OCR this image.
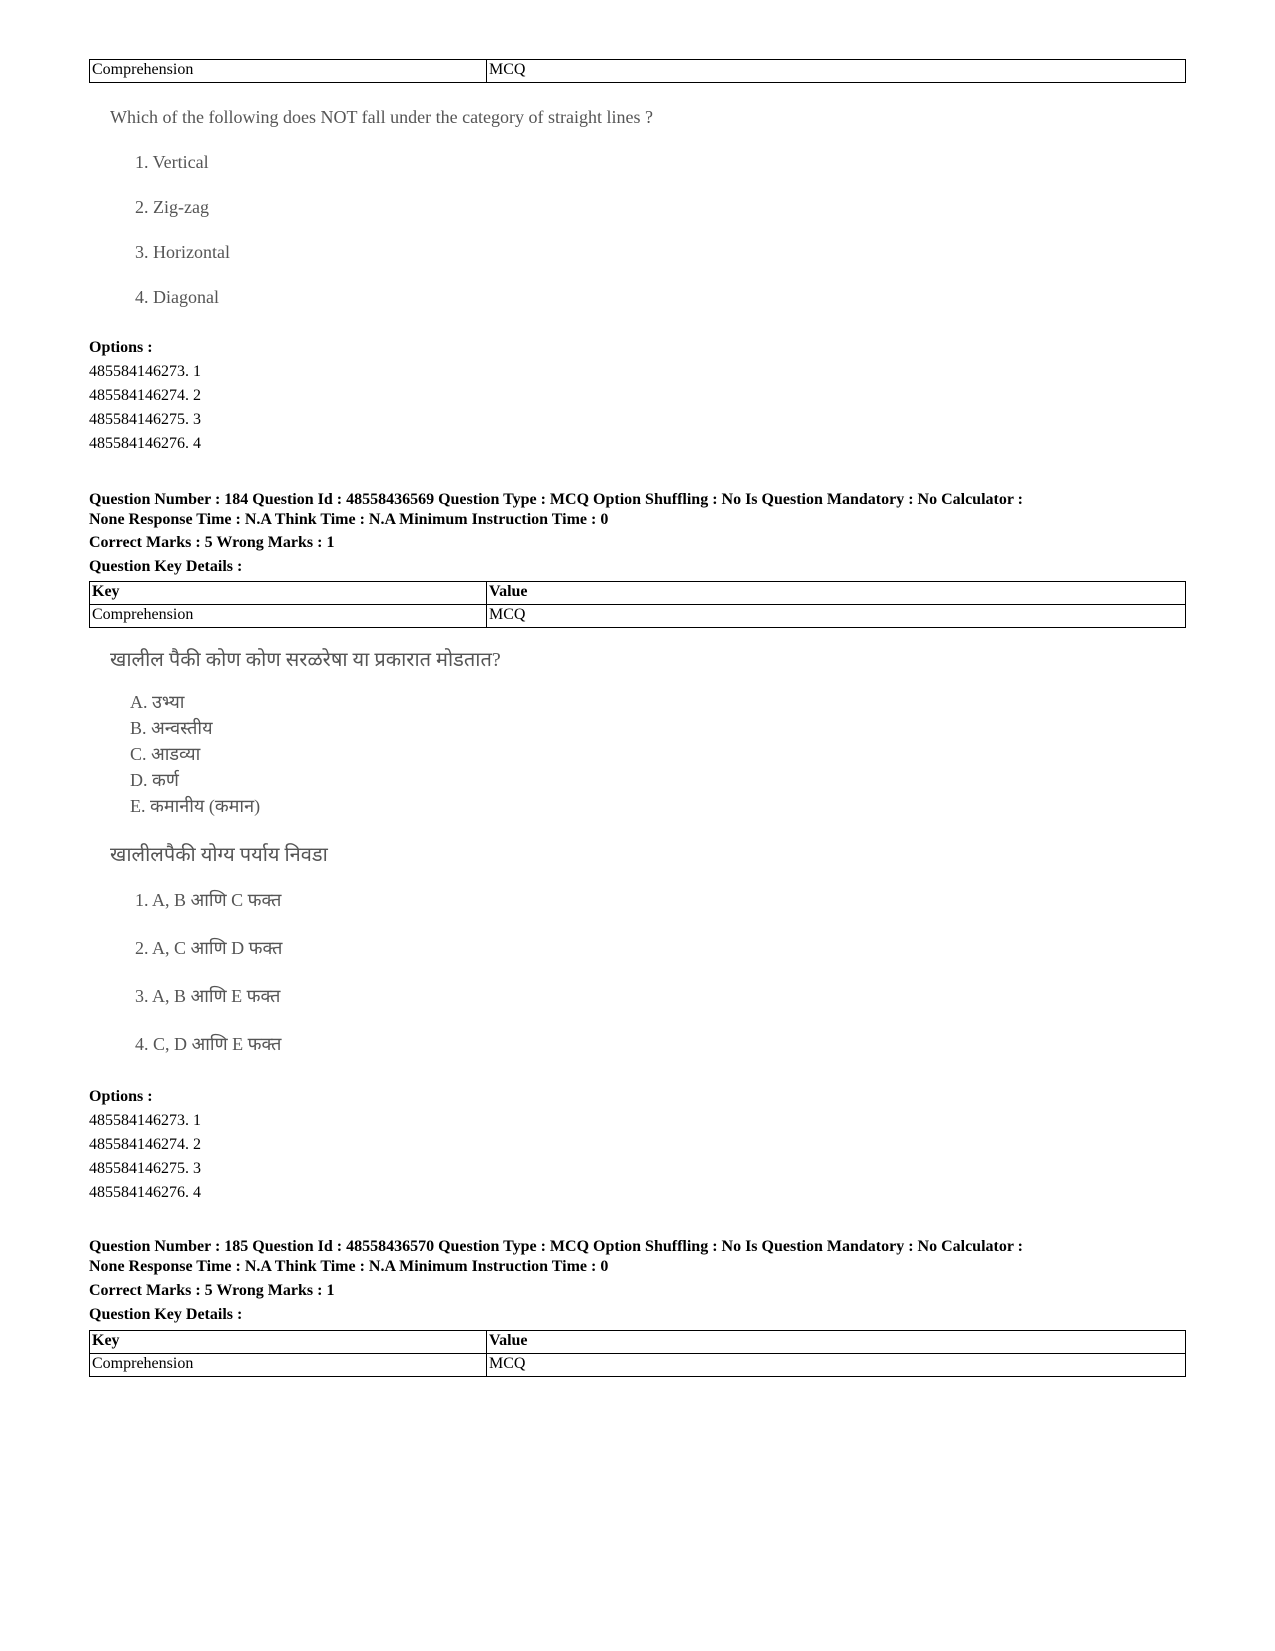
Comprehension	MCQ
Which of the following does NOT fall under the category of straight lines ?
1. Vertical
2. Zig-zag
3. Horizontal
4. Diagonal
Options :
485584146273. 1
485584146274. 2
485584146275. 3
485584146276. 4
Question Number : 184 Question Id : 48558436569 Question Type : MCQ Option Shuffling : No Is Question Mandatory : No Calculator :
None Response Time : N.A Think Time : N.A Minimum Instruction Time : 0
Correct Marks : 5 Wrong Marks : 1
Question Key Details :
Key	Value
Comprehension	MCQ
खालील पैकी कोण कोण सरळरेषा या प्रकारात मोडतात?
A. उभ्या
B. अन्वस्तीय
C. आडव्या
D. कर्ण
E. कमानीय (कमान)
खालीलपैकी योग्य पर्याय निवडा
1. A, B आणि C फक्त
2. A, C आणि D फक्त
3. A, B आणि E फक्त
4. C, D आणि E फक्त
Options :
485584146273. 1
485584146274. 2
485584146275. 3
485584146276. 4
Question Number : 185 Question Id : 48558436570 Question Type : MCQ Option Shuffling : No Is Question Mandatory : No Calculator :
None Response Time : N.A Think Time : N.A Minimum Instruction Time : 0
Correct Marks : 5 Wrong Marks : 1
Question Key Details :
Key	Value
Comprehension	MCQ
